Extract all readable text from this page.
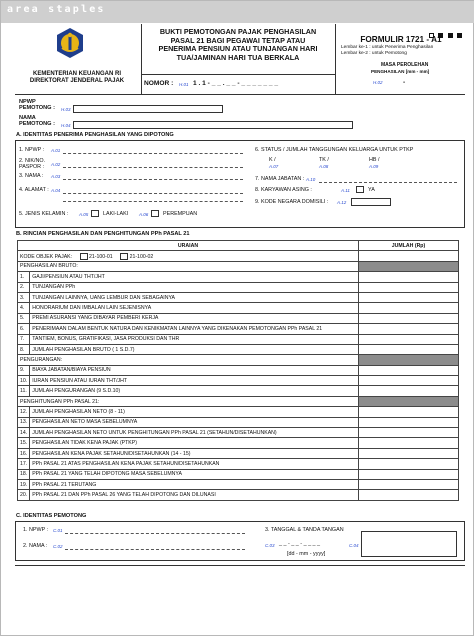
area staples
KEMENTERIAN KEUANGAN RI
DIREKTORAT JENDERAL PAJAK
BUKTI PEMOTONGAN PAJAK PENGHASILAN
PASAL 21 BAGI PEGAWAI TETAP ATAU
PENERIMA PENSIUN ATAU TUNJANGAN HARI
TUA/JAMINAN HARI TUA BERKALA
NOMOR : H.01 1 . 1 - _ _ . _ _ - _ _ _ _ _ _ _

FORMULIR 1721 - A1
Lembar ke-1 : untuk Penerima Penghasilan
Lembar ke-2 : untuk Pemotong
MASA PEROLEHAN
PENGHASILAN [mm - mm]
H.02	-
NPWP
PEMOTONG : H.03
NAMA
PEMOTONG : H.04
A. IDENTITAS PENERIMA PENGHASILAN YANG DIPOTONG
1. NPWP : A.01
2. NIK/NO.
PASPOR : A.02
3. NAMA : A.03
4. ALAMAT : A.04
5. JENIS KELAMIN : A.05	LAKI-LAKI A.06	PEREMPUAN
6. STATUS / JUMLAH TANGGUNGAN KELUARGA UNTUK PTKP
K /
A.07
TK /
A.08
HB /
A.09
7. NAMA JABATAN : A.10
8. KARYAWAN ASING :	A.11	YA
9. KODE NEGARA DOMISILI : A.12
B. RINCIAN PENGHASILAN DAN PENGHITUNGAN PPh PASAL 21
URAIAN		JUMLAH (Rp)
KODE OBJEK PAJAK: 21-100-01 21-100-02		
PENGHASILAN BRUTO:		
1.	GAJI/PENSIUN ATAU THT/JHT	
2.	TUNJANGAN PPh	
3.	TUNJANGAN LAINNYA, UANG LEMBUR DAN SEBAGAINYA	
4.	HONORARIUM DAN IMBALAN LAIN SEJENISNYA	
5.	PREMI ASURANSI YANG DIBAYAR PEMBERI KERJA	
6.	PENERIMAAN DALAM BENTUK NATURA DAN KENIKMATAN LAINNYA YANG DIKENAKAN PEMOTONGAN PPh PASAL 21	
7.	TANTIEM, BONUS, GRATIFIKASI, JASA PRODUKSI DAN THR	
8.	JUMLAH PENGHASILAN BRUTO ( 1 S.D.7)	
PENGURANGAN:		
9.	BIAYA JABATAN/BIAYA PENSIUN	
10.	IURAN PENSIUN ATAU IURAN THT/JHT	
11.	JUMLAH PENGURANGAN (9 S.D.10)	
PENGHITUNGAN PPh PASAL 21:		
12.	JUMLAH PENGHASILAN NETO (8 - 11)	
13.	PENGHASILAN NETO MASA SEBELUMNYA	
14.	JUMLAH PENGHASILAN NETO UNTUK PENGHITUNGAN PPh PASAL 21 (SETAHUN/DISETAHUNKAN)	
15.	PENGHASILAN TIDAK KENA PAJAK (PTKP)	
16.	PENGHASILAN KENA PAJAK SETAHUN/DISETAHUNKAN (14 - 15)	
17.	PPh PASAL 21 ATAS PENGHASILAN KENA PAJAK SETAHUN/DISETAHUNKAN	
18.	PPh PASAL 21 YANG TELAH DIPOTONG MASA SEBELUMNYA	
19.	PPh PASAL 21 TERUTANG	
20.	PPh PASAL 21 DAN PPh PASAL 26 YANG TELAH DIPOTONG DAN DILUNASI	
C. IDENTITAS PEMOTONG
1. NPWP : C.01
2. NAMA : C.02
3. TANGGAL & TANDA TANGAN
C.03 _ _ - _ _ - _ _ _ _	C.04
[dd - mm - yyyy]
